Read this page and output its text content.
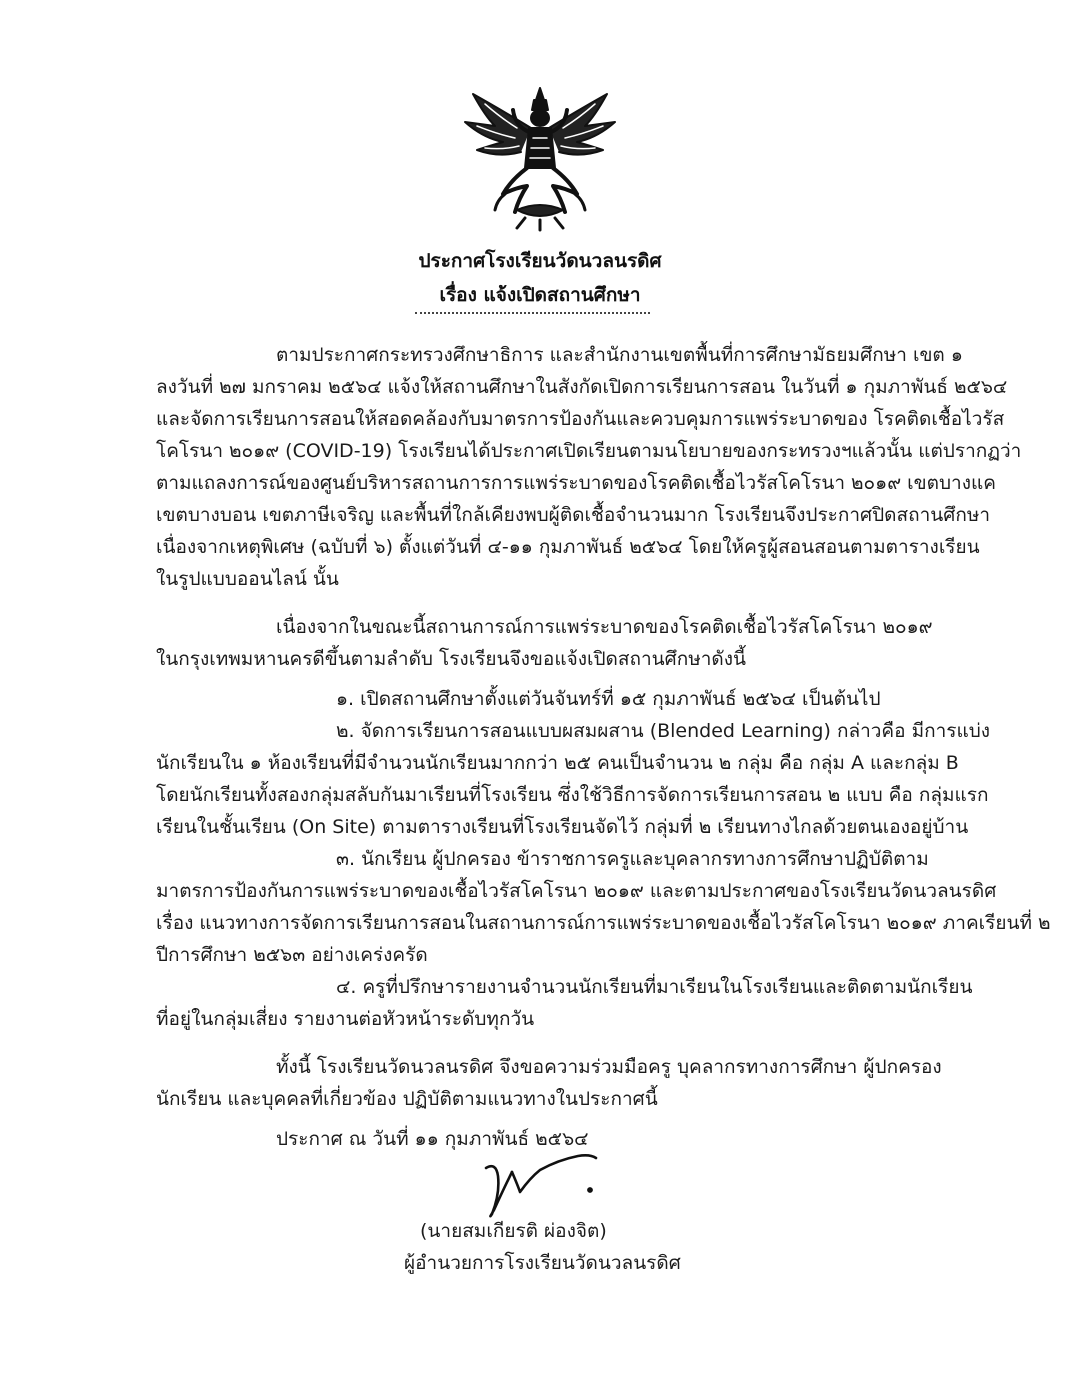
ประกาศโรงเรียนวัดนวลนรดิศ
เรื่อง แจ้งเปิดสถานศึกษา
ตามประกาศกระทรวงศึกษาธิการ และสำนักงานเขตพื้นที่การศึกษามัธยมศึกษา เขต ๑
ลงวันที่ ๒๗ มกราคม ๒๕๖๔ แจ้งให้สถานศึกษาในสังกัดเปิดการเรียนการสอน ในวันที่ ๑ กุมภาพันธ์ ๒๕๖๔
และจัดการเรียนการสอนให้สอดคล้องกับมาตรการป้องกันและควบคุมการแพร่ระบาดของ โรคติดเชื้อไวรัส
โคโรนา ๒๐๑๙ (COVID-19) โรงเรียนได้ประกาศเปิดเรียนตามนโยบายของกระทรวงฯแล้วนั้น แต่ปรากฏว่า
ตามแถลงการณ์ของศูนย์บริหารสถานการการแพร่ระบาดของโรคติดเชื้อไวรัสโคโรนา ๒๐๑๙ เขตบางแค
เขตบางบอน เขตภาษีเจริญ และพื้นที่ใกล้เคียงพบผู้ติดเชื้อจำนวนมาก โรงเรียนจึงประกาศปิดสถานศึกษา
เนื่องจากเหตุพิเศษ (ฉบับที่ ๖) ตั้งแต่วันที่ ๔-๑๑ กุมภาพันธ์ ๒๕๖๔ โดยให้ครูผู้สอนสอนตามตารางเรียน
ในรูปแบบออนไลน์ นั้น
เนื่องจากในขณะนี้สถานการณ์การแพร่ระบาดของโรคติดเชื้อไวรัสโคโรนา ๒๐๑๙
ในกรุงเทพมหานครดีขึ้นตามลำดับ โรงเรียนจึงขอแจ้งเปิดสถานศึกษาดังนี้
๑. เปิดสถานศึกษาตั้งแต่วันจันทร์ที่ ๑๕ กุมภาพันธ์ ๒๕๖๔ เป็นต้นไป
๒. จัดการเรียนการสอนแบบผสมผสาน (Blended Learning) กล่าวคือ มีการแบ่ง
นักเรียนใน ๑ ห้องเรียนที่มีจำนวนนักเรียนมากกว่า ๒๕ คนเป็นจำนวน ๒ กลุ่ม คือ กลุ่ม A และกลุ่ม B
โดยนักเรียนทั้งสองกลุ่มสลับกันมาเรียนที่โรงเรียน ซึ่งใช้วิธีการจัดการเรียนการสอน ๒ แบบ คือ กลุ่มแรก
เรียนในชั้นเรียน (On Site) ตามตารางเรียนที่โรงเรียนจัดไว้ กลุ่มที่ ๒ เรียนทางไกลด้วยตนเองอยู่บ้าน
๓. นักเรียน ผู้ปกครอง ข้าราชการครูและบุคลากรทางการศึกษาปฏิบัติตาม
มาตรการป้องกันการแพร่ระบาดของเชื้อไวรัสโคโรนา ๒๐๑๙ และตามประกาศของโรงเรียนวัดนวลนรดิศ
เรื่อง แนวทางการจัดการเรียนการสอนในสถานการณ์การแพร่ระบาดของเชื้อไวรัสโคโรนา ๒๐๑๙ ภาคเรียนที่ ๒
ปีการศึกษา ๒๕๖๓ อย่างเคร่งครัด
๔. ครูที่ปรึกษารายงานจำนวนนักเรียนที่มาเรียนในโรงเรียนและติดตามนักเรียน
ที่อยู่ในกลุ่มเสี่ยง รายงานต่อหัวหน้าระดับทุกวัน
ทั้งนี้ โรงเรียนวัดนวลนรดิศ จึงขอความร่วมมือครู บุคลากรทางการศึกษา ผู้ปกครอง
นักเรียน และบุคคลที่เกี่ยวข้อง ปฏิบัติตามแนวทางในประกาศนี้
ประกาศ ณ วันที่ ๑๑ กุมภาพันธ์ ๒๕๖๔
(นายสมเกียรติ ผ่องจิต)
ผู้อำนวยการโรงเรียนวัดนวลนรดิศ
